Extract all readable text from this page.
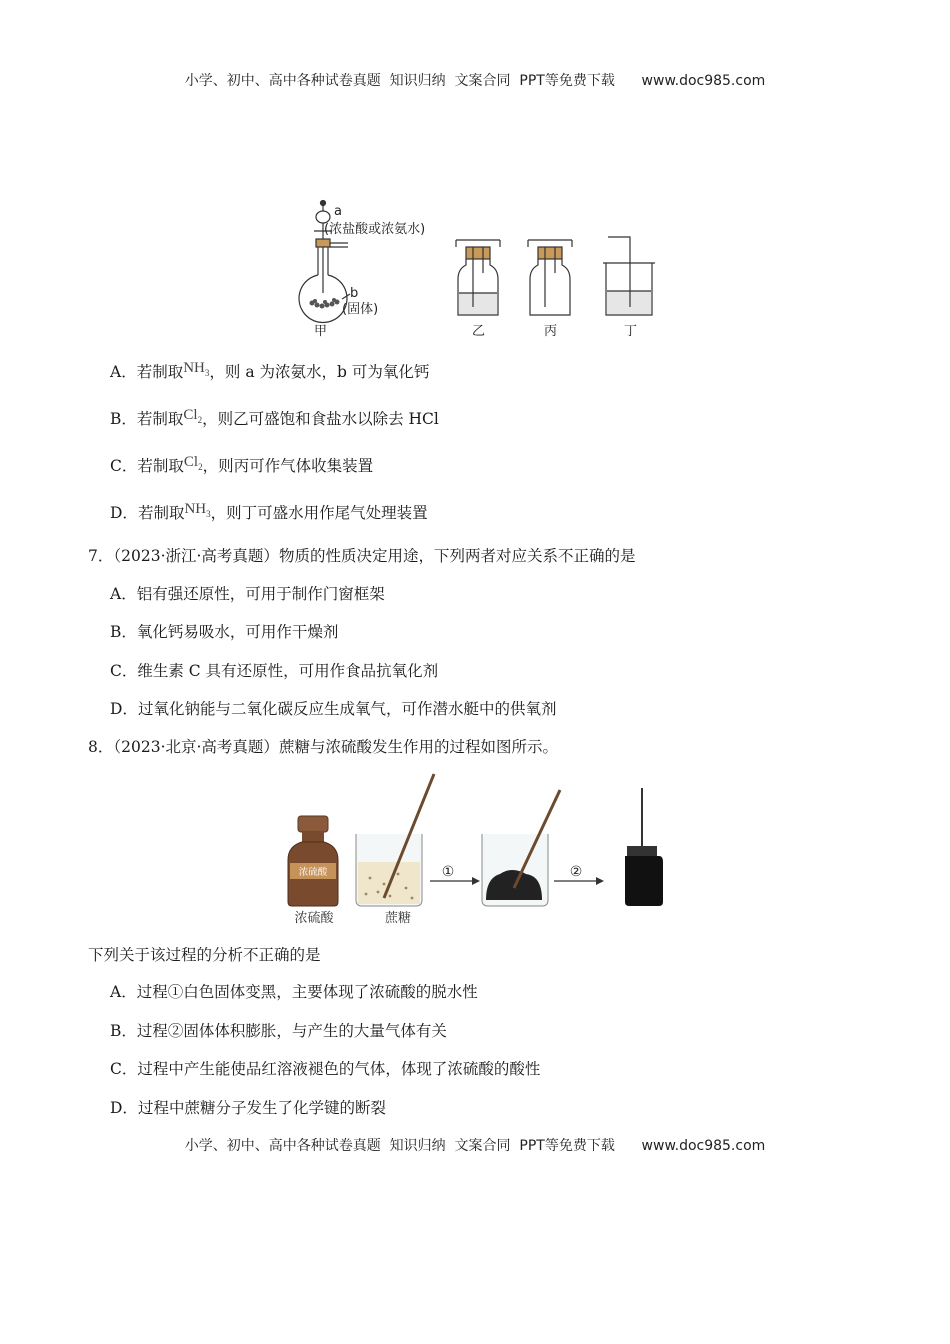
小学、初中、高中各种试卷真题  知识归纳  文案合同  PPT等免费下载 www.doc985.com
a
(浓盐酸或浓氨水)
b
(固体)
甲	乙	丙	丁
A．若制取$NH_3$，则 a 为浓氨水，b 可为氧化钙
B．若制取$Cl_2$，则乙可盛饱和食盐水以除去 HCl
C．若制取$Cl_2$，则丙可作气体收集装置
D．若制取$NH_3$，则丁可盛水用作尾气处理装置
7．（2023·浙江·高考真题）物质的性质决定用途，下列两者对应关系不正确的是
A．铝有强还原性，可用于制作门窗框架
B．氧化钙易吸水，可用作干燥剂
C．维生素 C 具有还原性，可用作食品抗氧化剂
D．过氧化钠能与二氧化碳反应生成氧气，可作潜水艇中的供氧剂
8．（2023·北京·高考真题）蔗糖与浓硫酸发生作用的过程如图所示。
浓硫酸	①	②
浓硫酸	蔗糖
下列关于该过程的分析不正确的是
A．过程①白色固体变黑，主要体现了浓硫酸的脱水性
B．过程②固体体积膨胀，与产生的大量气体有关
C．过程中产生能使品红溶液褪色的气体，体现了浓硫酸的酸性
D．过程中蔗糖分子发生了化学键的断裂
小学、初中、高中各种试卷真题  知识归纳  文案合同  PPT等免费下载 www.doc985.com
